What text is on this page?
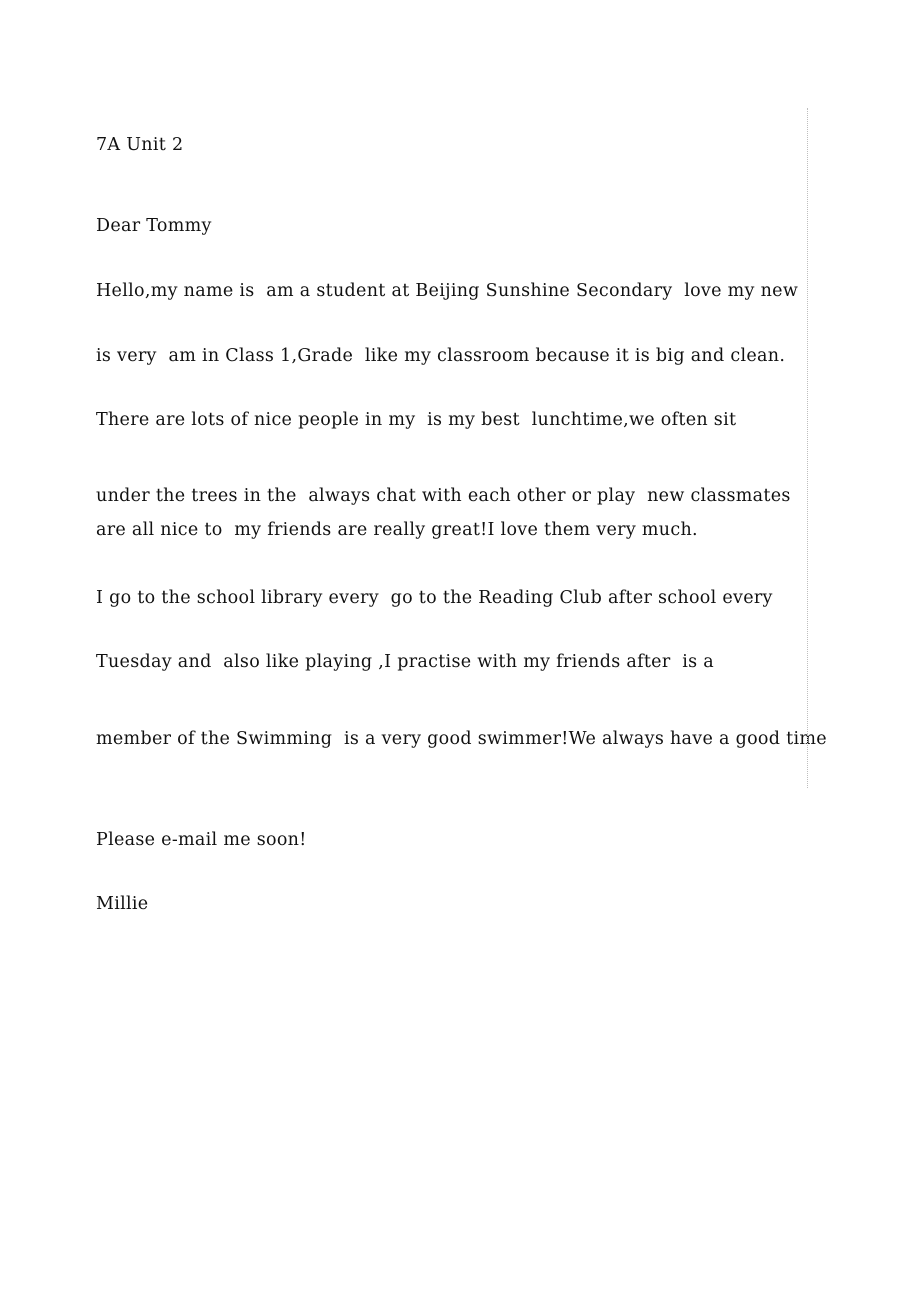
7A Unit 2
Dear Tommy
Hello,my name is  am a student at Beijing Sunshine Secondary  love my new
is very  am in Class 1,Grade  like my classroom because it is big and clean.
There are lots of nice people in my  is my best  lunchtime,we often sit
under the trees in the  always chat with each other or play  new classmates
are all nice to  my friends are really great!I love them very much.
I go to the school library every  go to the Reading Club after school every
Tuesday and  also like playing ,I practise with my friends after  is a
member of the Swimming  is a very good swimmer!We always have a good time
Please e-mail me soon!
Millie
